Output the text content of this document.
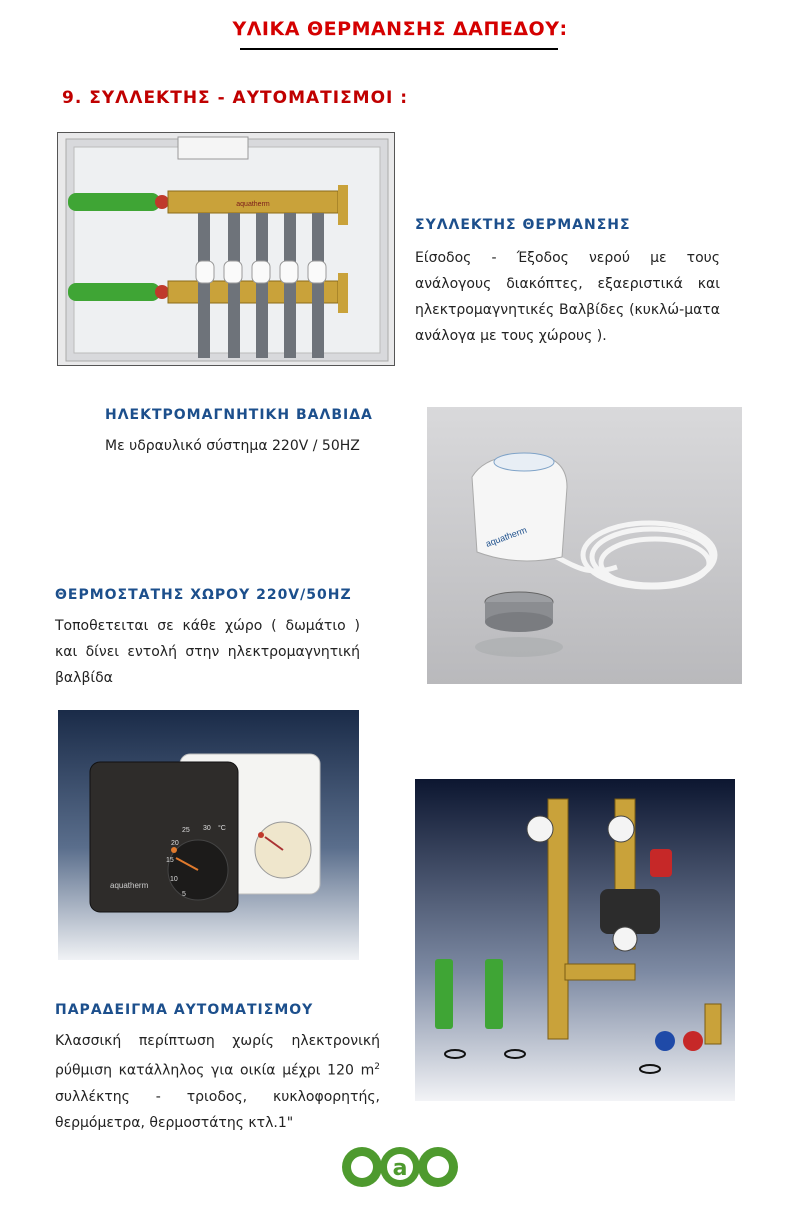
ΥΛΙΚΑ ΘΕΡΜΑΝΣΗΣ ΔΑΠΕΔΟΥ:
9. ΣΥΛΛΕΚΤΗΣ - ΑΥΤΟΜΑΤΙΣΜΟΙ :
aquatherm
ΣΥΛΛΕΚΤΗΣ ΘΕΡΜΑΝΣΗΣ
Είσοδος - Έξοδος νερού με τους ανάλογους διακόπτες, εξαεριστικά και ηλεκτρομαγνητικές Βαλβίδες (κυκλώ-ματα ανάλογα με τους χώρους ).
ΗΛΕΚΤΡΟΜΑΓΝΗΤΙΚΗ ΒΑΛΒΙΔΑ
Με υδραυλικό σύστημα 220V / 50HZ
aquatherm
ΘΕΡΜΟΣΤΑΤΗΣ ΧΩΡΟΥ 220V/50HZ
Τοποθετειται σε κάθε χώρο ( δωμάτιο ) και δίνει εντολή στην ηλεκτρομαγνητική βαλβίδα
25 30 °C
20
15
10
5
aquatherm
ΠΑΡΑΔΕΙΓΜΑ ΑΥΤΟΜΑΤΙΣΜΟΥ
Κλασσική περίπτωση χωρίς ηλεκτρονική ρύθμιση κατάλληλος για οικία μέχρι 120 $m^2$ συλλέκτης - τριοδος, κυκλοφορητής, θερμόμετρα, θερμοστάτης κτλ.1"
a
